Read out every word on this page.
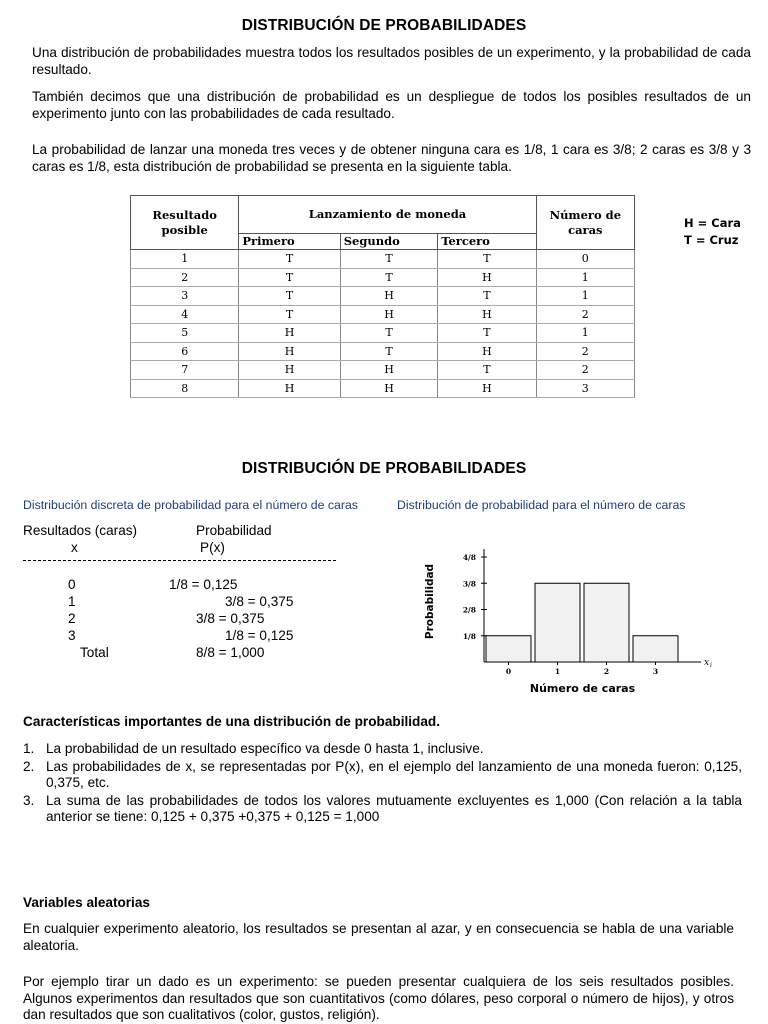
DISTRIBUCIÓN DE PROBABILIDADES

Una distribución de probabilidades muestra todos los resultados posibles de un experimento, y la probabilidad de cada resultado.

También decimos que una distribución de probabilidad es un despliegue de todos los posibles resultados de un experimento junto con las probabilidades de cada resultado.

La probabilidad de lanzar una moneda tres veces y de obtener ninguna cara es 1/8, 1 cara es 3/8; 2 caras es 3/8 y 3 caras es 1/8, esta distribución de probabilidad se presenta en la siguiente tabla.

Resultado posible	Lanzamiento de moneda			Número de caras
	Primero	Segundo	Tercero	
1	T	T	T	0
2	T	T	H	1
3	T	H	T	1
4	T	H	H	2
5	H	T	T	1
6	H	T	H	2
7	H	H	T	2
8	H	H	H	3
H = Cara
T = Cruz
DISTRIBUCIÓN DE PROBABILIDADES
Distribución discreta de probabilidad para el número de caras	Distribución de probabilidad para el número de caras
Resultados (caras)	Probabilidad
x	P(x)
0	1/8 = 0,125
1	3/8 = 0,375
2	3/8 = 0,375
3	1/8 = 0,125
Total	8/8 = 1,000
1/8
2/8
3/8
4/8
0	1	2	3
x i
Número de caras
Probabilidad
Características importantes de una distribución de probabilidad.
1. La probabilidad de un resultado específico va desde 0 hasta 1, inclusive.
2. Las probabilidades de x, se representadas por P(x), en el ejemplo del lanzamiento de una moneda fueron: 0,125, 0,375, etc.
3. La suma de las probabilidades de todos los valores mutuamente excluyentes es 1,000 (Con relación a la tabla anterior se tiene: 0,125 + 0,375 +0,375 + 0,125 = 1,000
Variables aleatorias

En cualquier experimento aleatorio, los resultados se presentan al azar, y en consecuencia se habla de una variable aleatoria.

Por ejemplo tirar un dado es un experimento: se pueden presentar cualquiera de los seis resultados posibles. Algunos experimentos dan resultados que son cuantitativos (como dólares, peso corporal o número de hijos), y otros dan resultados que son cualitativos (color, gustos, religión).
